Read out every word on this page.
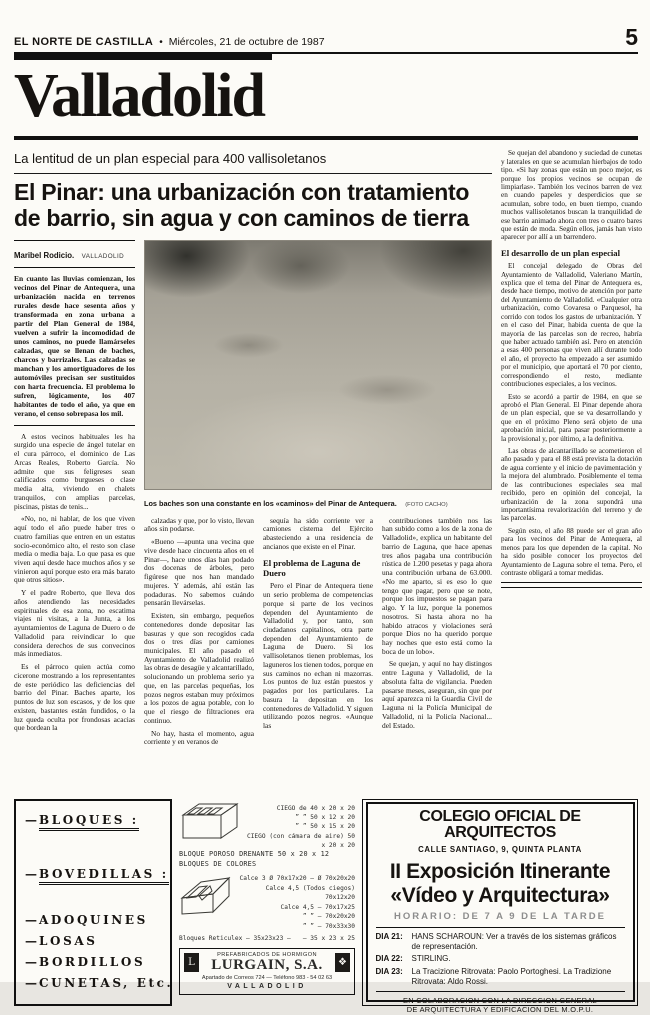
EL NORTE DE CASTILLA • Miércoles, 21 de octubre de 1987	5
Valladolid
La lentitud de un plan especial para 400 vallisoletanos
El Pinar: una urbanización con tratamiento
de barrio, sin agua y con caminos de tierra
Maribel Rodicio. VALLADOLID
En cuanto las lluvias comienzan, los vecinos del Pinar de Antequera, una urbanización nacida en terrenos rurales desde hace sesenta años y transformada en zona urbana a partir del Plan General de 1984, vuelven a sufrir la incomodidad de unos caminos, no puede llamárseles calzadas, que se llenan de baches, charcos y barrizales. Las calzadas se manchan y los amortiguadores de los automóviles precisan ser sustituidos con harta frecuencia. El problema lo sufren, lógicamente, los 407 habitantes de todo el año, ya que en verano, el censo sobrepasa los mil.

A estos vecinos habituales les ha surgido una especie de ángel tutelar en el cura párroco, el dominico de Las Arcas Reales, Roberto García. No admite que sus feligreses sean calificados como burgueses o clase media alta, viviendo en chalets tranquilos, con amplias parcelas, piscinas, pistas de tenis...

«No, no, ni hablar, de los que viven aquí todo el año puede haber tres o cuatro familias que entren en un estatus socio-económico alto, el resto son clase media o media baja. Lo que pasa es que viven aquí desde hace muchos años y se vinieron aquí porque esto era más barato que otros sitios».

Y el padre Roberto, que lleva dos años atendiendo las necesidades espirituales de esa zona, no escatima viajes ni visitas, a la Junta, a los ayuntamientos de Laguna de Duero o de Valladolid para reivindicar lo que considera derechos de sus convecinos más inmediatos.

Es el párroco quien actúa como cicerone mostrando a los representantes de este periódico las deficiencias del barrio del Pinar. Baches aparte, los puntos de luz son escasos, y de los que existen, bastantes están fundidos, o la luz queda oculta por frondosas acacias que bordean la

Los baches son una constante en los «caminos» del Pinar de Antequera. (FOTO CACHO)

calzadas y que, por lo visto, llevan años sin podarse.

«Bueno —apunta una vecina que vive desde hace cincuenta años en el Pinar—, hace unos días han podado dos docenas de árboles, pero figúrese que nos han mandado mujeres. Y además, ahí están las podaduras. No sabemos cuándo pensarán llevárselas.

Existen, sin embargo, pequeños contenedores donde depositar las basuras y que son recogidos cada dos o tres días por camiones municipales. El año pasado el Ayuntamiento de Valladolid realizó las obras de desagüe y alcantarillado, solucionando un problema serio ya que, en las parcelas pequeñas, los pozos negros estaban muy próximos a los pozos de agua potable, con lo que el riesgo de filtraciones era continuo.

No hay, hasta el momento, agua corriente y en veranos de

sequía ha sido corriente ver a camiones cisterna del Ejército abasteciendo a una residencia de ancianos que existe en el Pinar.

El problema de Laguna de Duero

Pero el Pinar de Antequera tiene un serio problema de competencias porque si parte de los vecinos dependen del Ayuntamiento de Valladolid y, por tanto, son ciudadanos capitalinos, otra parte dependen del Ayuntamiento de Laguna de Duero. Si los vallisoletanos tienen problemas, los laguneros los tienen todos, porque en sus caminos no echan ni mazorras. Los puntos de luz están puestos y pagados por los particulares. La basura la depositan en los contenedores de Valladolid. Y siguen utilizando pozos negros. «Aunque las

contribuciones también nos las han subido como a los de la zona de Valladolid», explica un habitante del barrio de Laguna, que hace apenas tres años pagaba una contribución rústica de 1.200 pesetas y paga ahora una contribución urbana de 63.000. «No me aparto, si es eso lo que tengo que pagar, pero que se note, porque los impuestos se pagan para algo. Y la luz, porque la ponemos nosotros. Si hasta ahora no ha habido atracos y violaciones será porque Dios no ha querido porque hay noches que esto está como la boca de un lobo».

Se quejan, y aquí no hay distingos entre Laguna y Valladolid, de la absoluta falta de vigilancia. Pueden pasarse meses, aseguran, sin que por aquí aparezca ni la Guardia Civil de Laguna ni la Policía Municipal de Valladolid, ni la Policía Nacional... del Estado.

Se quejan del abandono y suciedad de cunetas y laterales en que se acumulan hierbajos de todo tipo. «Si hay zonas que están un poco mejor, es porque los propios vecinos se ocupan de limpiarlas». También los vecinos barren de vez en cuando papeles y desperdicios que se acumulan, sobre todo, en buen tiempo, cuando muchos vallisoletanos buscan la tranquilidad de ese barrio animado ahora con tres o cuatro bares que están de moda. Según ellos, jamás han visto aparecer por allí a un barrendero.

El desarrollo de un plan especial

El concejal delegado de Obras del Ayuntamiento de Valladolid, Valeriano Martín, explica que el tema del Pinar de Antequera es, desde hace tiempo, motivo de atención por parte del Ayuntamiento de Valladolid. «Cualquier otra urbanización, como Covaresa o Parquesol, ha corrido con todos los gastos de urbanización. Y en el caso del Pinar, habida cuenta de que la mayoría de las parcelas son de recreo, habría que haber actuado también así. Pero en atención a esas 400 personas que viven allí durante todo el año, el proyecto ha empezado a ser asumido por el municipio, que aportará el 70 por ciento, correspondiendo el resto, mediante contribuciones especiales, a los vecinos.

Esto se acordó a partir de 1984, en que se aprobó el Plan General. El Pinar depende ahora de un plan especial, que se va desarrollando y que en el próximo Pleno será objeto de una aprobación inicial, para pasar posteriormente a la provisional y, por último, a la definitiva.

Las obras de alcantarillado se acometieron el año pasado y para el 88 está prevista la dotación de agua corriente y el inicio de pavimentación y la mejora del alumbrado. Posiblemente el tema de las contribuciones especiales sea mal recibido, pero en opinión del concejal, la urbanización de la zona supondrá una importantísima revalorización del terreno y de las parcelas.

Según esto, el año 88 puede ser el gran año para los vecinos del Pinar de Antequera, al menos para los que dependen de la capital. No ha sido posible conocer los proyectos del Ayuntamiento de Laguna sobre el tema. Pero, el contraste obligará a tomar medidas.

— BLOQUES :
— BOVEDILLAS :
— ADOQUINES
— LOSAS
— BORDILLOS
— CUNETAS, Etc.
CIEGO de 40 x 20 x 20
” ” 50 x 12 x 20
” ” 50 x 15 x 20
CIEGO (con cámara de aire) 50 x 20 x 20
BLOQUE POROSO DRENANTE 50 x 20 x 12
BLOQUES DE COLORES
Calce 3 Ø 70x17x20 — Ø 70x20x20
Calce 4,5 (Todos ciegos) 70x12x20
Calce 4,5 – 70x17x25
” ” – 70x20x20
” ” – 70x33x30
Bloques Reticulex – 35x23x23 — – 35 x 23 x 25
L
PREFABRICADOS DE HORMIGON
LURGAIN, S.A.	❖
Apartado de Correos 724 — Teléfono 983 - 54 02 63
VALLADOLID
COLEGIO OFICIAL DE ARQUITECTOS
CALLE SANTIAGO, 9, QUINTA PLANTA
II Exposición Itinerante
«Vídeo y Arquitectura»
HORARIO: DE 7 A 9 DE LA TARDE
DIA 21:	HANS SCHAROUN: Ver a través de los sistemas gráficos de representación.
DIA 22:	STIRLING.
DIA 23:	La Tracizione Ritrovata: Paolo Portoghesi. La Tradizione Ritrovata: Aldo Rossi.
EN COLABORACION CON LA DIRECCION GENERAL
DE ARQUITECTURA Y EDIFICACION DEL M.O.P.U.
